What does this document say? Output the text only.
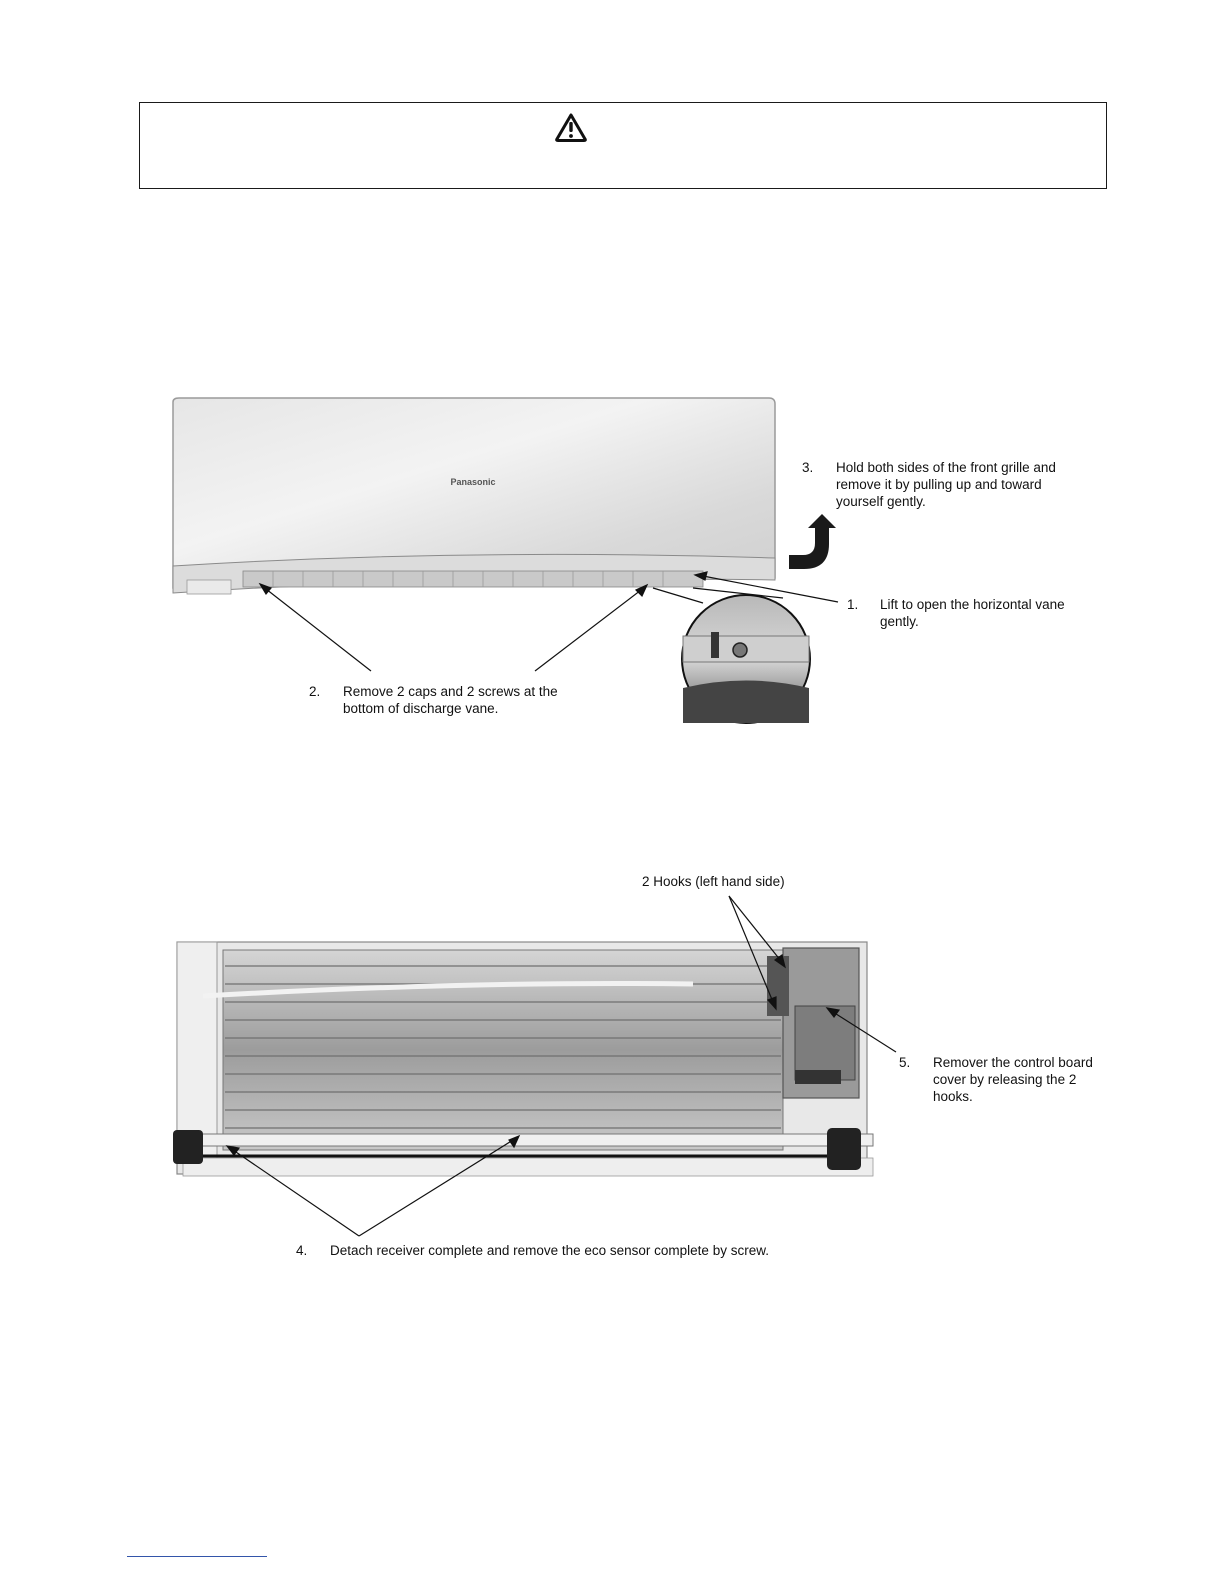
Panasonic
3. Hold both sides of the front grille and remove it by pulling up and toward yourself gently.
1. Lift to open the horizontal vane gently.
2. Remove 2 caps and 2 screws at the bottom of discharge vane.
2 Hooks (left hand side)
5. Remover the control board cover by releasing the 2 hooks.
4. Detach receiver complete and remove the eco sensor complete by screw.
